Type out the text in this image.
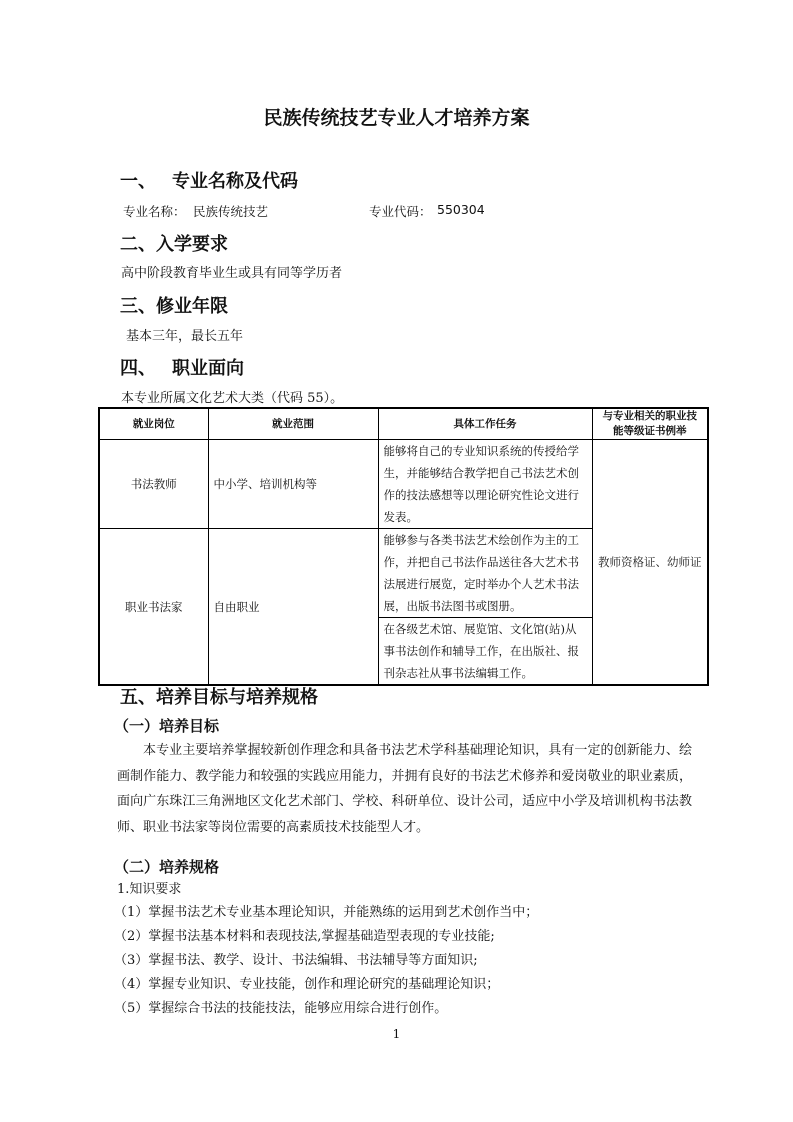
民族传统技艺专业人才培养方案
一、 专业名称及代码
专业名称： 民族传统技艺	专业代码： 550304
二、入学要求
高中阶段教育毕业生或具有同等学历者
三、修业年限
基本三年，最长五年
四、 职业面向
本专业所属文化艺术大类（代码 55）。
就业岗位	就业范围	具体工作任务	与专业相关的职业技能等级证书例举
书法教师	中小学、培训机构等	能够将自己的专业知识系统的传授给学生，并能够结合教学把自己书法艺术创作的技法感想等以理论研究性论文进行发表。	教师资格证、幼师证
职业书法家	自由职业	能够参与各类书法艺术绘创作为主的工作，并把自己书法作品送往各大艺术书法展进行展览，定时举办个人艺术书法展，出版书法图书或图册。	
		在各级艺术馆、展览馆、文化馆(站)从事书法创作和辅导工作，在出版社、报刊杂志社从事书法编辑工作。	
五、培养目标与培养规格
（一）培养目标
本专业主要培养掌握较新创作理念和具备书法艺术学科基础理论知识，具有一定的创新能力、绘画制作能力、教学能力和较强的实践应用能力，并拥有良好的书法艺术修养和爱岗敬业的职业素质，面向广东珠江三角洲地区文化艺术部门、学校、科研单位、设计公司，适应中小学及培训机构书法教师、职业书法家等岗位需要的高素质技术技能型人才。
（二）培养规格
1.知识要求
（1）掌握书法艺术专业基本理论知识，并能熟练的运用到艺术创作当中；
（2）掌握书法基本材料和表现技法,掌握基础造型表现的专业技能;
（3）掌握书法、教学、设计、书法编辑、书法辅导等方面知识;
（4）掌握专业知识、专业技能，创作和理论研究的基础理论知识；
（5）掌握综合书法的技能技法，能够应用综合进行创作。
1
